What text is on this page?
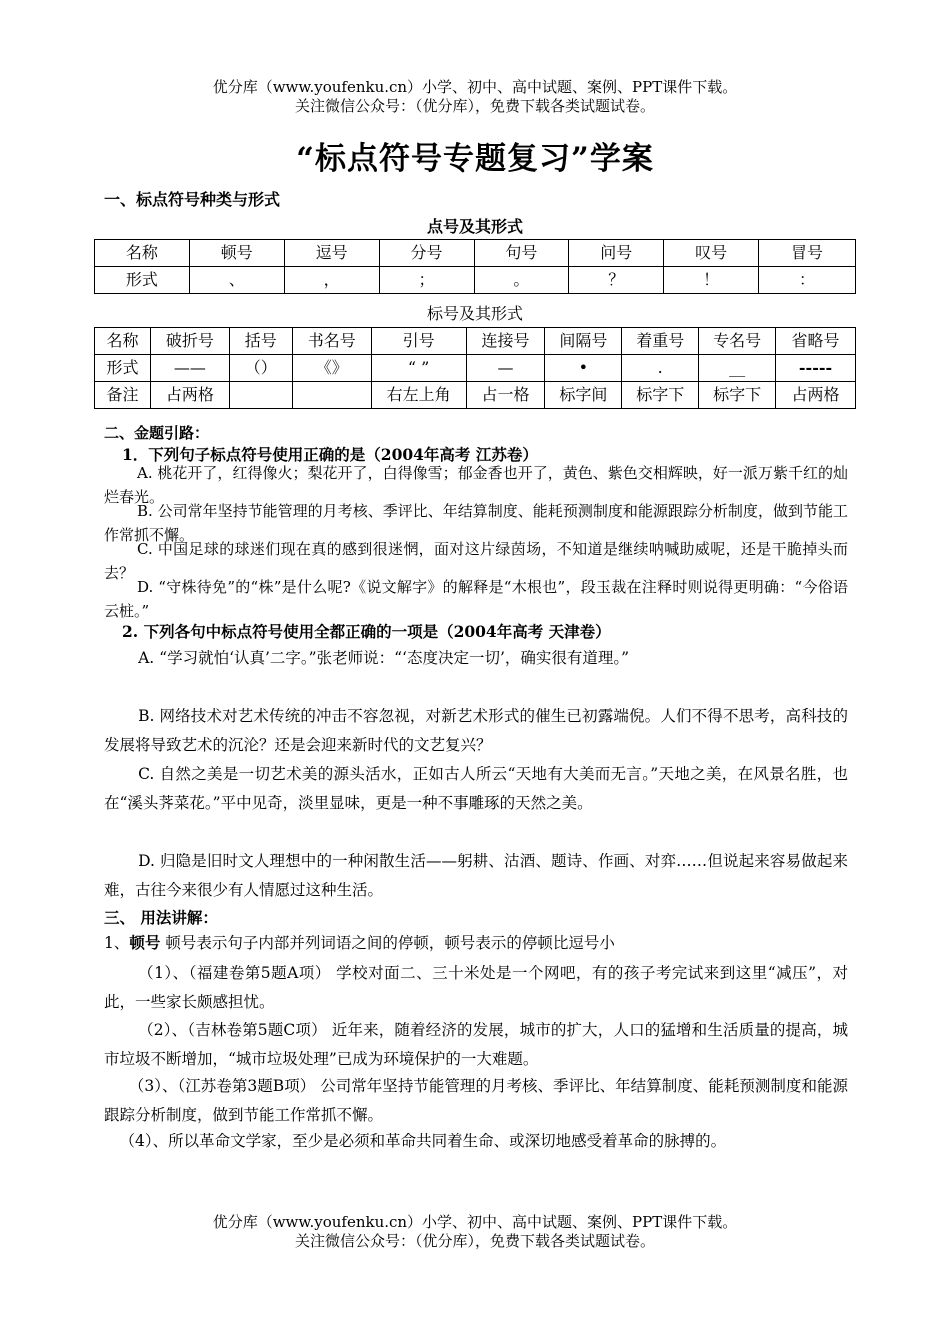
优分库（www.youfenku.cn）小学、初中、高中试题、案例、PPT课件下载。
关注微信公众号：（优分库），免费下载各类试题试卷。
“标点符号专题复习”学案
一、标点符号种类与形式
点号及其形式
名称	顿号	逗号	分号	句号	问号	叹号	冒号
形式	、	，	；	。	？	！	：
标号及其形式
名称	破折号	括号	书名号	引号	连接号	间隔号	着重号	专名号	省略号
形式	——	（）	《》	“ ”	—	•	.	__	-----
备注	占两格			右左上角	占一格	标字间	标字下	标字下	占两格
二、金题引路：
1．下列句子标点符号使用正确的是（2004年高考 江苏卷）
A. 桃花开了，红得像火；梨花开了，白得像雪；郁金香也开了，黄色、紫色交相辉映，好一派万紫千红的灿烂春光。
B. 公司常年坚持节能管理的月考核、季评比、年结算制度、能耗预测制度和能源跟踪分析制度，做到节能工作常抓不懈。
C. 中国足球的球迷们现在真的感到很迷惘，面对这片绿茵场，不知道是继续呐喊助威呢，还是干脆掉头而去？
D. “守株待免”的“株”是什么呢?《说文解字》的解释是“木根也”，段玉裁在注释时则说得更明确：“今俗语云桩。”
2. 下列各句中标点符号使用全都正确的一项是（2004年高考 天津卷）
A. “学习就怕‘认真’二字。”张老师说：“‘态度决定一切’，确实很有道理。”
B. 网络技术对艺术传统的冲击不容忽视，对新艺术形式的催生已初露端倪。人们不得不思考，高科技的发展将导致艺术的沉沦？还是会迎来新时代的文艺复兴？
C. 自然之美是一切艺术美的源头活水，正如古人所云“天地有大美而无言。”天地之美，在风景名胜，也在“溪头荠菜花。”平中见奇，淡里显味，更是一种不事雕琢的天然之美。
D. 归隐是旧时文人理想中的一种闲散生活——躬耕、沽酒、题诗、作画、对弈……但说起来容易做起来难，古往今来很少有人情愿过这种生活。
三、 用法讲解：
1、顿号 顿号表示句子内部并列词语之间的停顿，顿号表示的停顿比逗号小
（1）、（福建卷第5题A项） 学校对面二、三十米处是一个网吧，有的孩子考完试来到这里“减压”，对此，一些家长颇感担忧。
（2）、（吉林卷第5题C项） 近年来，随着经济的发展，城市的扩大，人口的猛增和生活质量的提高，城市垃圾不断增加，“城市垃圾处理”已成为环境保护的一大难题。
（3）、（江苏卷第3题B项） 公司常年坚持节能管理的月考核、季评比、年结算制度、能耗预测制度和能源跟踪分析制度，做到节能工作常抓不懈。
（4）、所以革命文学家，至少是必须和革命共同着生命、或深切地感受着革命的脉搏的。
优分库（www.youfenku.cn）小学、初中、高中试题、案例、PPT课件下载。
关注微信公众号：（优分库），免费下载各类试题试卷。
